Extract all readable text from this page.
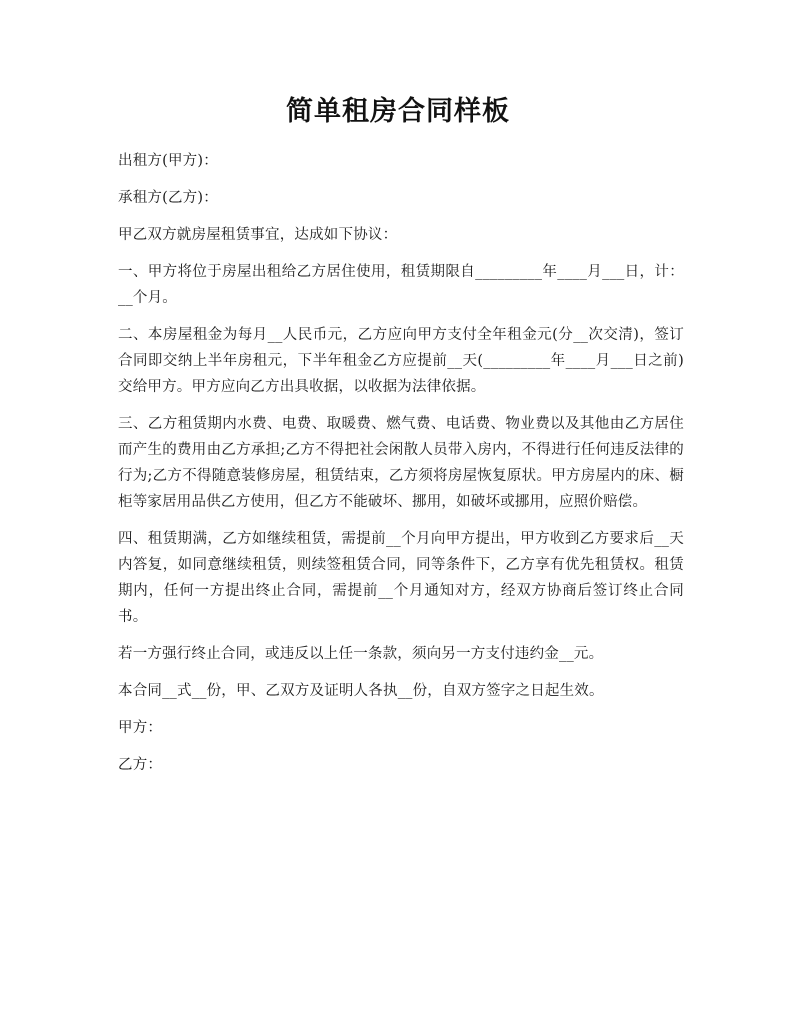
简单租房合同样板

出租方(甲方)：

承租方(乙方)：

甲乙双方就房屋租赁事宜，达成如下协议：

一、甲方将位于房屋出租给乙方居住使用，租赁期限自_________年____月___日，计：__个月。

二、本房屋租金为每月__人民币元，乙方应向甲方支付全年租金元(分__次交清)，签订合同即交纳上半年房租元，下半年租金乙方应提前__天(_________年____月___日之前)交给甲方。甲方应向乙方出具收据，以收据为法律依据。

三、乙方租赁期内水费、电费、取暖费、燃气费、电话费、物业费以及其他由乙方居住而产生的费用由乙方承担;乙方不得把社会闲散人员带入房内，不得进行任何违反法律的行为;乙方不得随意装修房屋，租赁结束，乙方须将房屋恢复原状。甲方房屋内的床、橱柜等家居用品供乙方使用，但乙方不能破坏、挪用，如破坏或挪用，应照价赔偿。

四、租赁期满，乙方如继续租赁，需提前__个月向甲方提出，甲方收到乙方要求后__天内答复，如同意继续租赁，则续签租赁合同，同等条件下，乙方享有优先租赁权。租赁期内，任何一方提出终止合同，需提前__个月通知对方，经双方协商后签订终止合同书。

若一方强行终止合同，或违反以上任一条款，须向另一方支付违约金__元。

本合同__式__份，甲、乙双方及证明人各执__份，自双方签字之日起生效。

甲方：

乙方：
